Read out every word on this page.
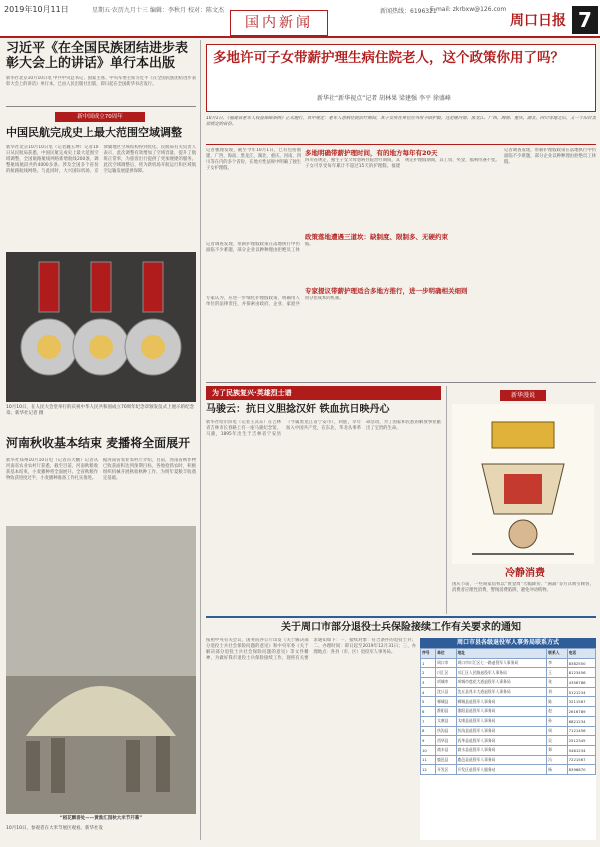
2019年10月11日	星期五·农历九月十三 编辑：李秋月 校对：陈文杰
国内新闻
新闻热线：6196321
E-mail: zkrbxw@126.com
周口日报 7
习近平《在全国民族团结进步表彰大会上的讲话》单行本出版
新华社北京10月10日电 中共中央总书记、国家主席、中央军委主席习近平《在全国民族团结进步表彰大会上的讲话》单行本，已由人民出版社出版，即日起在全国新华书店发行。
新中国成立70周年
中国民航完成史上最大范围空域调整
新华社北京10月10日电（记者魏玉坤）记者10日从民航局获悉，中国民航完成史上最大范围空域调整，全国航路航线网络新增航线200条，调整航线航段共约4000多条。涉及全国多个省份的航路航线网络。与此同时，大兴国际机场、京津冀地区空域结构得到优化。民航局有关负责人表示，此次调整有效增加了空域容量，提升了航班正常率，为旅客出行提供了更加便捷的服务。此次空域调整后，将为新机场开航运行和区域航空运输发展提供保障。
10月10日，在人民大会堂举行的庆祝中华人民共和国成立70周年纪念章颁发仪式上展示的纪念章。新华社记者 摄
河南秋收基本结束 麦播将全面展开
新华社郑州10月10日电（记者冯大鹏）记者从河南省农业农村厅获悉，截至目前，河南秋粮收获基本结束，小麦播种将全面展开。全省秋粮作物收获进度过半，小麦播种准备工作扎实推进。
据河南省农业农村厅介绍，目前，河南省秋作物已收获面积达到预期目标，各地抢抓农时，积极组织机械开展秋收秋种工作，为明年夏粮丰收奠定基础。
“稻花飘香处——黄淮汇园秋大米节开幕”
10月10日，参观者在大米节展区观看。新华社发
多地许可子女带薪护理生病住院老人，这个政策你用了吗？
新华社“新华视点”记者 胡林果 梁建强 李平 徐盛峰
10月1日，《福建省老年人权益保障条例》正式施行，其中规定：老年人患病住院治疗期间，其子女所在单位应当给予陪护假。这是继河南、黑龙江、广西、海南、重庆、湖北、四川等地之后，又一个出台类似规定的省份。
记者梳理发现，截至今年10月1日，已有包括福建、广西、海南、黑龙江、湖北、重庆、河南、四川等在内的多个省份，在地方性法规中明确了独生子女护理假。
多地明确带薪护理时间，有的地方每年有20天
四川省规定，独生子女父母患病住院治疗期间，其子女可享受每年累计不超过15天的护理假。福建规定护理假期间，其工资、奖金、福利待遇不变。
记者调查发现，带薪护理假政策在落地执行中仍面临不少难题，部分企业以种种理由拒绝员工休假。
政策落地遭遇三道坎：缺制度、限制多、无硬约束
记者调查发现，带薪护理假政策在落地执行中仍面临不少难题，部分企业以种种理由拒绝员工休假。
专家提议带薪护理适合多地方推行，进一步明确相关细则
专家认为，应进一步细化护理假政策，明确用人单位的法律责任，并探索由政府、企业、家庭共同分担成本的机制。
为了民族复兴·英雄烈士谱
马骏云：抗日义胆捻汉奸 铁血抗日映丹心
新华社哈尔滨电（记者王其东）在吉林省吉林市长春路上有一座马骏纪念馆。马骏，1895年出生于吉林省宁安县（今属黑龙江省宁安市），回族，早年加入中国共产党，在东北、华北从事革命活动，为了国家和民族的解放事业献出了宝贵的生命。
新华漫说
冷静消费
国庆节前，一些商家借机以“黄金周”大幅降价、“满减”等方式吸引顾客，消费者应理性消费，警惕消费陷阱，避免冲动购物。
关于周口市部分退役士兵保险接续工作有关要求的通知
按照中央有关会议、国务院办公厅印发《关于解决部分退役士兵社会保险问题的意见》和中央军委《关于解决部分退役士兵社会保险问题的意见》等文件精神，为做好我市退役士兵保险接续工作，现将有关要求通知如下：一、接续对象：符合条件的退役士兵；二、办理时间：即日起至2019年12月31日；三、办理地点：各县（市、区）退役军人事务局。
周口市县各级退役军人事务局联系方式
序号	单位	地址	联系人	电话
1	周口市	周口市川汇区七一路退役军人事务局	李	8382550
2	川汇区	川汇区人民路退役军人事务局	王	8123456
3	项城市	项城市莲花大道退役军人事务局	张	4356788
4	沈丘县	沈丘县兆丰大道退役军人事务局	刘	5121234
5	郸城县	郸城县退役军人事务局	陈	3211567
6	淮阳县	淮阳县退役军人事务局	赵	2616789
7	太康县	太康县退役军人事务局	孙	6821234
8	扶沟县	扶沟县退役军人事务局	周	7121456
9	西华县	西华县退役军人事务局	吴	2512345
10	商水县	商水县退役军人事务局	郑	5461234
11	鹿邑县	鹿邑县退役军人事务局	冯	7221567
12	开发区	开发区退役军人服务站	杨	8396870
